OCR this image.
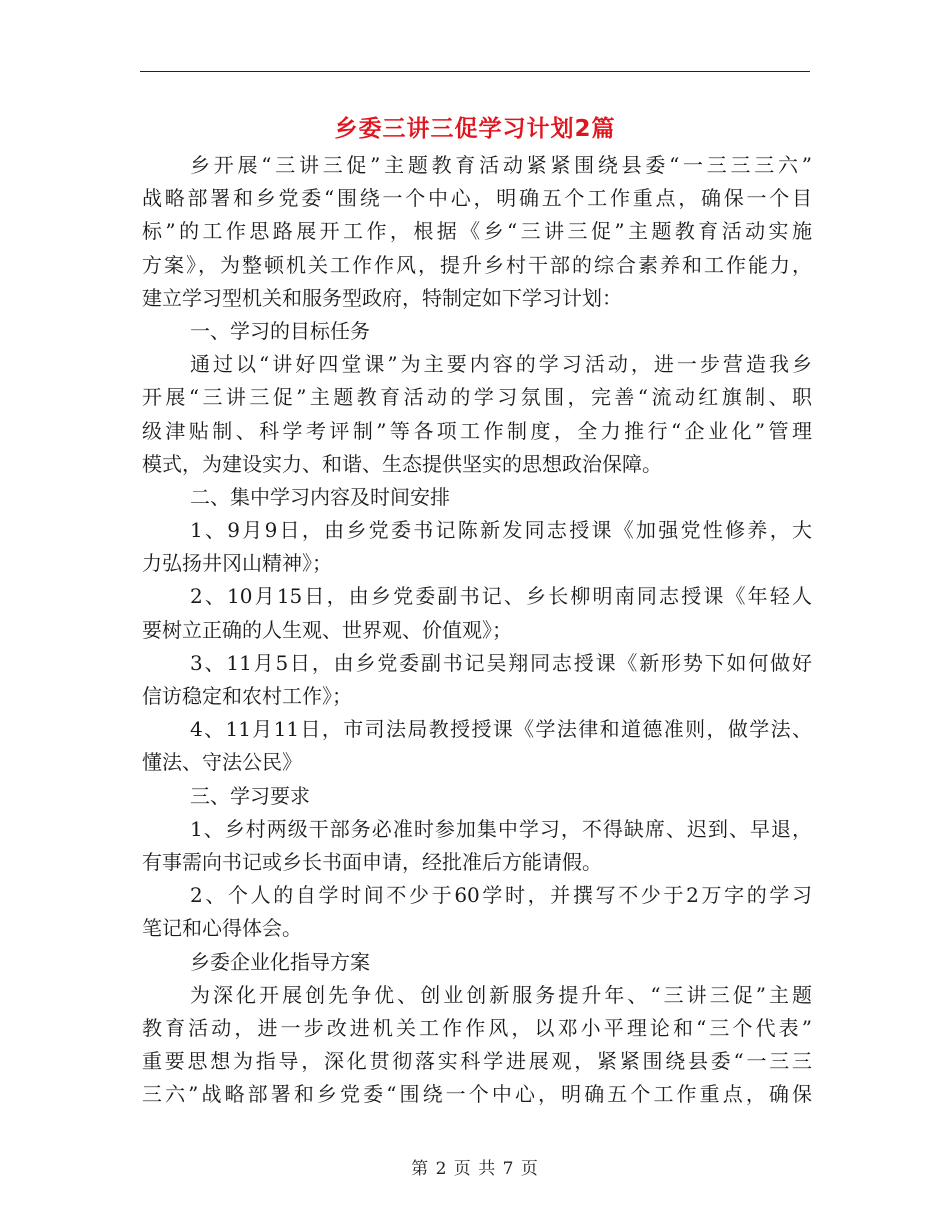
乡委三讲三促学习计划2篇
乡开展“三讲三促”主题教育活动紧紧围绕县委“一三三三六”
战略部署和乡党委“围绕一个中心，明确五个工作重点，确保一个目
标”的工作思路展开工作，根据《乡“三讲三促”主题教育活动实施
方案》，为整顿机关工作作风，提升乡村干部的综合素养和工作能力，
建立学习型机关和服务型政府，特制定如下学习计划：
一、学习的目标任务
通过以“讲好四堂课”为主要内容的学习活动，进一步营造我乡
开展“三讲三促”主题教育活动的学习氛围，完善“流动红旗制、职
级津贴制、科学考评制”等各项工作制度，全力推行“企业化”管理
模式，为建设实力、和谐、生态提供坚实的思想政治保障。
二、集中学习内容及时间安排
1、9月9日，由乡党委书记陈新发同志授课《加强党性修养，大
力弘扬井冈山精神》；
2、10月15日，由乡党委副书记、乡长柳明南同志授课《年轻人
要树立正确的人生观、世界观、价值观》；
3、11月5日，由乡党委副书记吴翔同志授课《新形势下如何做好
信访稳定和农村工作》；
4、11月11日，市司法局教授授课《学法律和道德准则，做学法、
懂法、守法公民》
三、学习要求
1、乡村两级干部务必准时参加集中学习，不得缺席、迟到、早退，
有事需向书记或乡长书面申请，经批准后方能请假。
2、个人的自学时间不少于60学时，并撰写不少于2万字的学习
笔记和心得体会。
乡委企业化指导方案
为深化开展创先争优、创业创新服务提升年、“三讲三促”主题
教育活动，进一步改进机关工作作风，以邓小平理论和“三个代表”
重要思想为指导，深化贯彻落实科学进展观，紧紧围绕县委“一三三
三六”战略部署和乡党委“围绕一个中心，明确五个工作重点，确保
第 2 页 共 7 页
